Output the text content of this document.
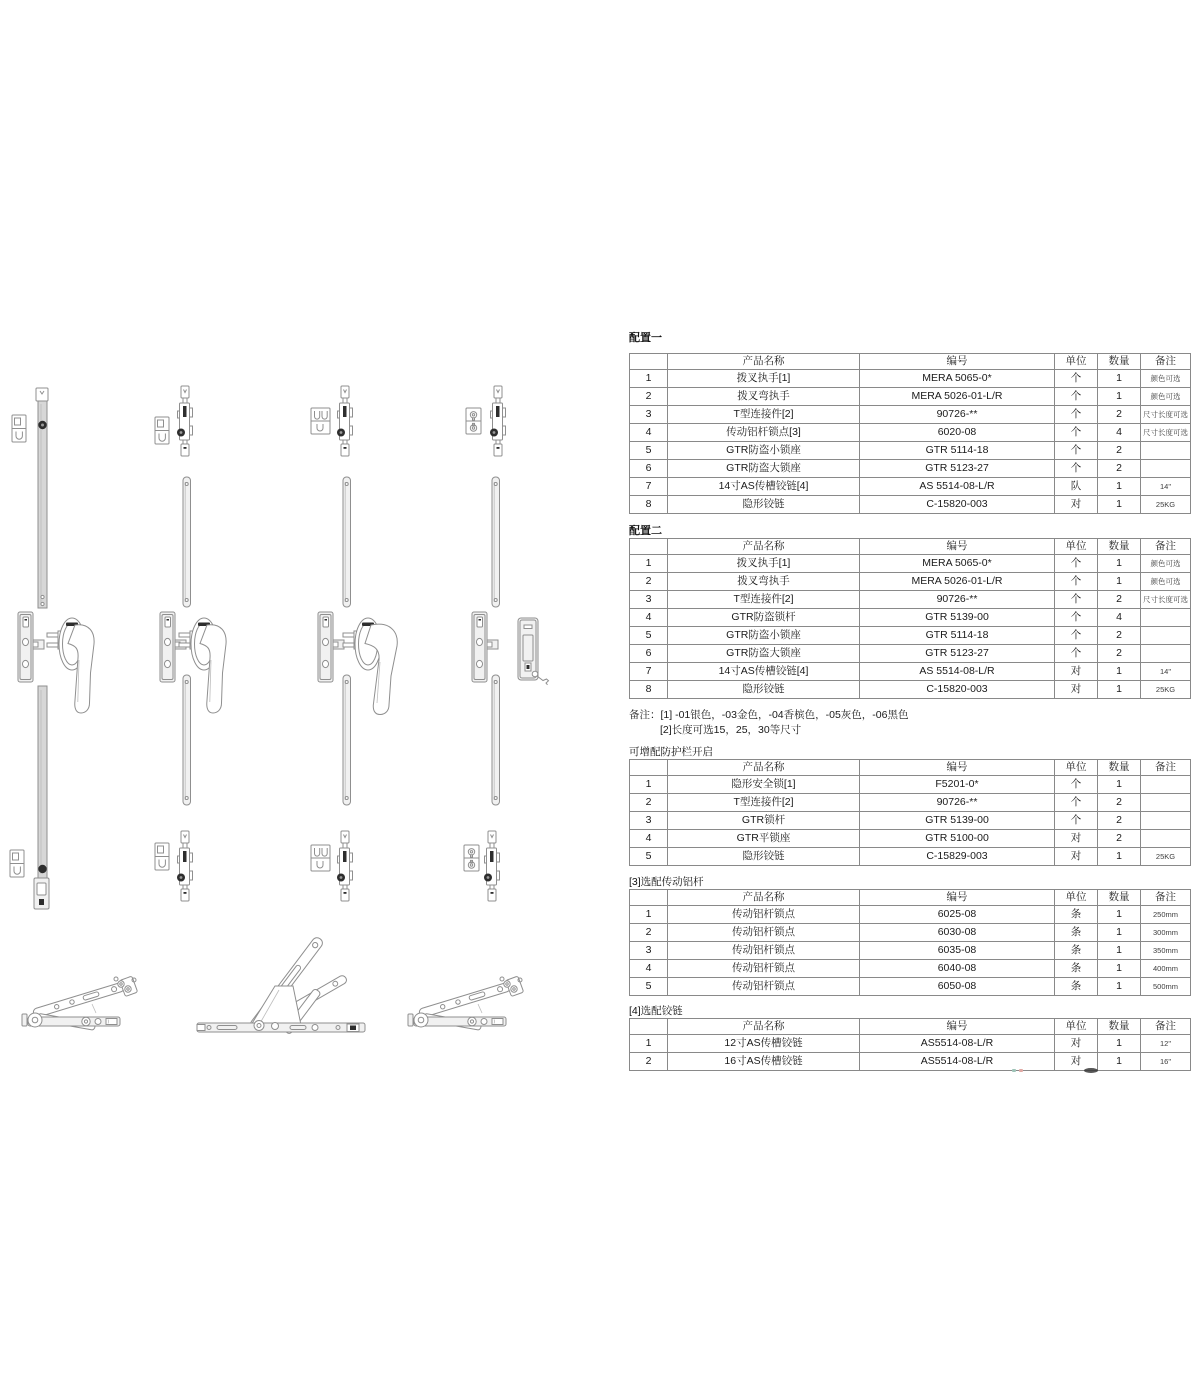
配置一
	产品名称	编号	单位	数量	备注
1	拨叉执手[1]	MERA 5065-0*	个	1	颜色可选
2	拨叉弯执手	MERA 5026-01-L/R	个	1	颜色可选
3	T型连接件[2]	90726-**	个	2	尺寸长度可选
4	传动铝杆锁点[3]	6020-08	个	4	尺寸长度可选
5	GTR防盗小锁座	GTR 5114-18	个	2	
6	GTR防盗大锁座	GTR 5123-27	个	2	
7	14寸AS传槽铰链[4]	AS 5514-08-L/R	队	1	14"
8	隐形铰链	C-15820-003	对	1	25KG
配置二
	产品名称	编号	单位	数量	备注
1	拨叉执手[1]	MERA 5065-0*	个	1	颜色可选
2	拨叉弯执手	MERA 5026-01-L/R	个	1	颜色可选
3	T型连接件[2]	90726-**	个	2	尺寸长度可选
4	GTR防盗锁杆	GTR 5139-00	个	4	
5	GTR防盗小锁座	GTR 5114-18	个	2	
6	GTR防盗大锁座	GTR 5123-27	个	2	
7	14寸AS传槽铰链[4]	AS 5514-08-L/R	对	1	14"
8	隐形铰链	C-15820-003	对	1	25KG
备注：[1] -01银色，-03金色，-04香槟色，-05灰色，-06黑色
[2]长度可选15，25，30等尺寸
可增配防护栏开启
	产品名称	编号	单位	数量	备注
1	隐形安全锁[1]	F5201-0*	个	1	
2	T型连接件[2]	90726-**	个	2	
3	GTR锁杆	GTR 5139-00	个	2	
4	GTR平锁座	GTR 5100-00	对	2	
5	隐形铰链	C-15829-003	对	1	25KG
[3]选配传动铝杆
	产品名称	编号	单位	数量	备注
1	传动铝杆锁点	6025-08	条	1	250mm
2	传动铝杆锁点	6030-08	条	1	300mm
3	传动铝杆锁点	6035-08	条	1	350mm
4	传动铝杆锁点	6040-08	条	1	400mm
5	传动铝杆锁点	6050-08	条	1	500mm
[4]选配铰链
	产品名称	编号	单位	数量	备注
1	12寸AS传槽铰链	AS5514-08-L/R	对	1	12"
2	16寸AS传槽铰链	AS5514-08-L/R	对	1	16"
